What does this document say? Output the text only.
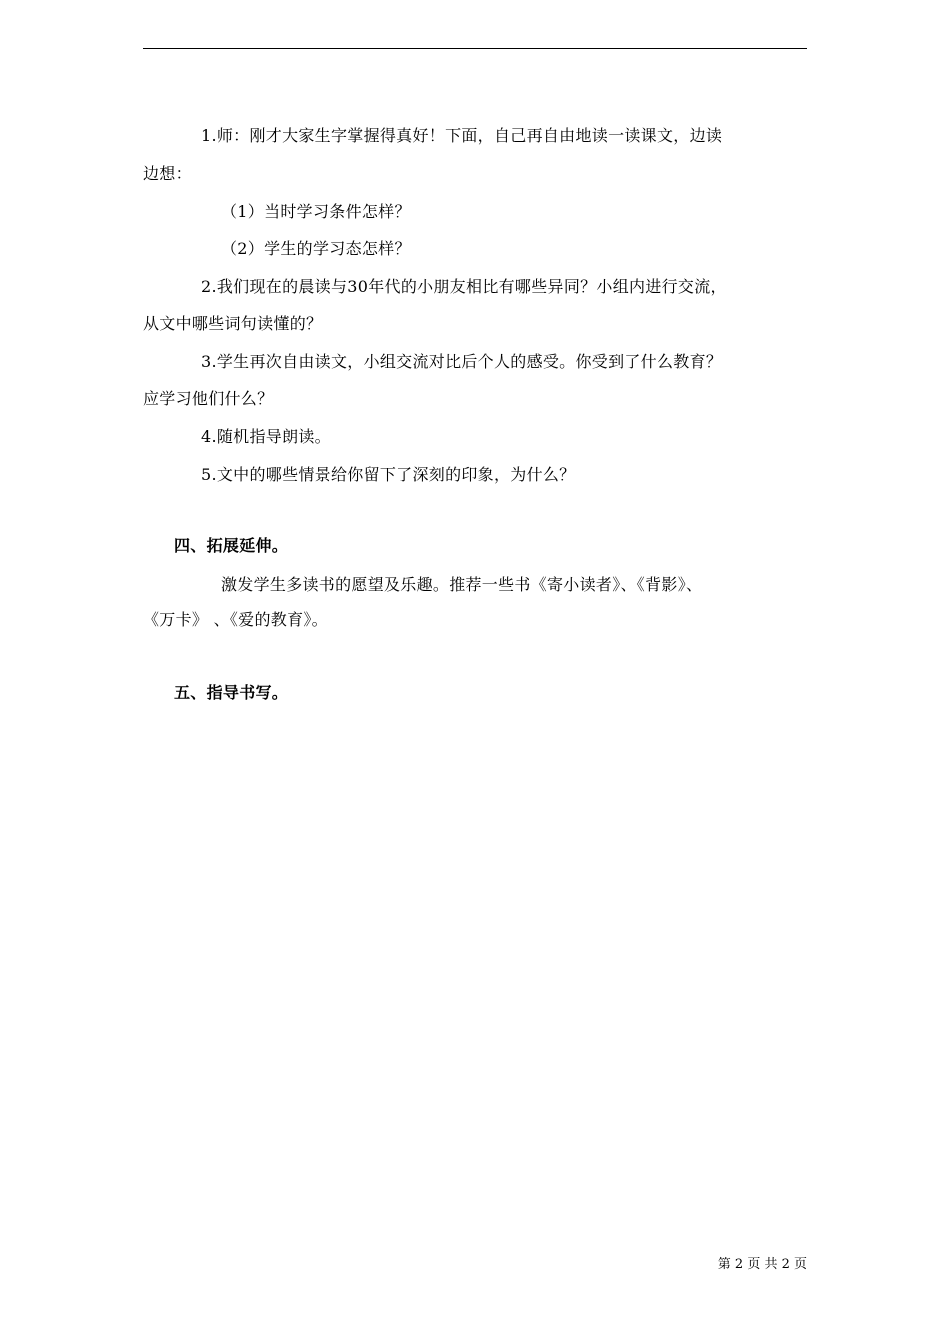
1.师：刚才大家生字掌握得真好！下面，自己再自由地读一读课文，边读
边想：
（1）当时学习条件怎样？
（2）学生的学习态怎样？
2.我们现在的晨读与30年代的小朋友相比有哪些异同？小组内进行交流，
从文中哪些词句读懂的？
3.学生再次自由读文，小组交流对比后个人的感受。你受到了什么教育？
应学习他们什么？
4.随机指导朗读。
5.文中的哪些情景给你留下了深刻的印象，为什么？
四、拓展延伸。
激发学生多读书的愿望及乐趣。推荐一些书《寄小读者》、《背影》、
《万卡》 、《爱的教育》。
五、指导书写。
第 2 页 共 2 页
